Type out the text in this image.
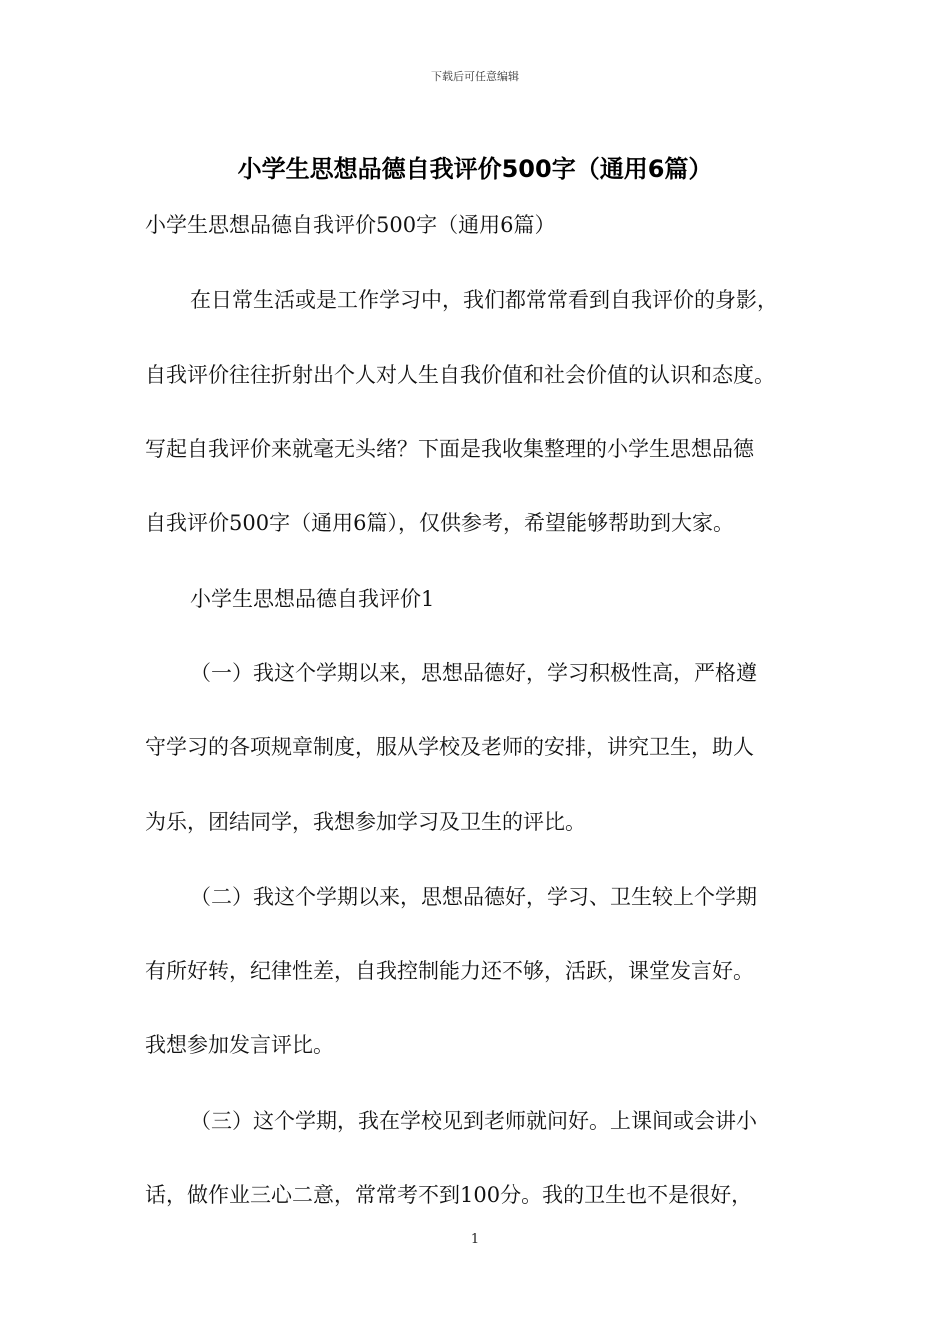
下载后可任意编辑
小学生思想品德自我评价500字（通用6篇）
小学生思想品德自我评价500字（通用6篇）
在日常生活或是工作学习中，我们都常常看到自我评价的身影，
自我评价往往折射出个人对人生自我价值和社会价值的认识和态度。
写起自我评价来就毫无头绪？下面是我收集整理的小学生思想品德
自我评价500字（通用6篇），仅供参考，希望能够帮助到大家。
小学生思想品德自我评价1
（一）我这个学期以来，思想品德好，学习积极性高，严格遵
守学习的各项规章制度，服从学校及老师的安排，讲究卫生，助人
为乐，团结同学，我想参加学习及卫生的评比。
（二）我这个学期以来，思想品德好，学习、卫生较上个学期
有所好转，纪律性差，自我控制能力还不够，活跃，课堂发言好。
我想参加发言评比。
（三）这个学期，我在学校见到老师就问好。上课间或会讲小
话，做作业三心二意，常常考不到100分。我的卫生也不是很好，
1
